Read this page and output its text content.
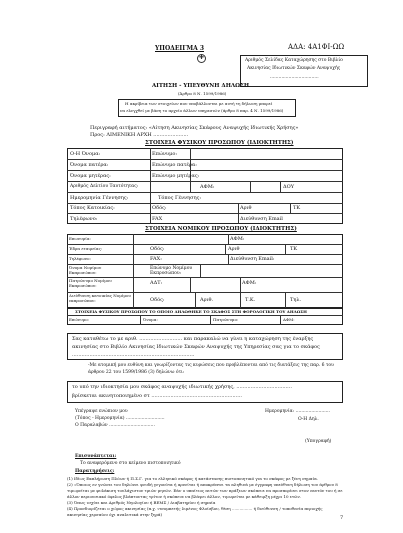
ΥΠΟΔΕΙΓΜΑ 3	ΑΔΑ: 4Α1ΦΙ-ΩΩ
Αριθμός Σελίδας Καταχώρησης στο Βιβλίο
Ακινησίας Ιδιωτικών Σκαφών Αναψυχής
..................................
✚
ΑΙΤΗΣΗ - ΥΠΕΥΘΥΝΗ ΔΗΛΩΣΗ
(Άρθρο 8 Ν. 1599/1986)
Η ακρίβεια των στοιχείων που υποβάλλονται με αυτή τη δήλωση μπορεί
να ελεγχθεί με βάση το αρχείο άλλων υπηρεσιών (άρθρο 8 παρ. 4 Ν. 1599/1986)
Περιγραφή αιτήματος: «Αίτηση Ακινησίας Σκάφους Αναψυχής Ιδιωτικής Χρήσης»
Προς: ΛΙΜΕΝΙΚΗ ΑΡΧΗ ......................
ΣΤΟΙΧΕΙΑ ΦΥΣΙΚΟΥ ΠΡΟΣΩΠΟΥ (ΙΔΙΟΚΤΗΤΗΣ)
Ο-Η Όνομα:	Επώνυμο:
Όνομα πατέρα:	Επώνυμο πατέρα:
Όνομα μητέρας:	Επώνυμο μητέρας:
Αριθμός Δελτίου Ταυτότητας:	ΑΦΜ:	ΔΟΥ
Ημερομηνία Γέννησης:	Τόπος Γέννησης:
Τόπος Κατοικίας:	Οδός:	Αριθ	ΤΚ
Τηλέφωνο:	FAX	Διεύθυνση Email
ΣΤΟΙΧΕΙΑ ΝΟΜΙΚΟΥ ΠΡΟΣΩΠΟΥ (ΙΔΙΟΚΤΗΤΗΣ)
Επωνυμία:	ΑΦΜ:
Έδρα εταιρείας:	Οδός:	Αριθ	ΤΚ
Τηλέφωνο:	FAX:	Διεύθυνση Email:
Όνομα Νομίμου Εκπροσώπου:
Επώνυμο Νομίμου Εκπροσώπου:
Πατρώνυμο Νομίμου Εκπροσώπου:	ΑΔΤ:	ΑΦΜ:
Διεύθυνση κατοικίας Νομίμου εκπροσώπου:	Οδός:	Αριθ.	Τ.Κ.	Τηλ.
ΣΤΟΙΧΕΙΑ ΦΥΣΙΚΟΥ ΠΡΟΣΩΠΟΥ ΤΟ ΟΠΟΙΟ ΔΗΛΩΘΗΚΕ ΤΟ ΣΚΑΦΟΣ ΣΤΗ ΦΟΡΟΛΟΓΙΚΗ ΤΟΥ ΔΗΛΩΣΗ
Επώνυμο:	Όνομα:	Πατρώνυμο:	ΑΦΜ:
Σας καταθέτω το με αριθ. ........................... και παρακαλώ να γίνει η καταχώρηση της έναρξης
ακινησίας στο Βιβλίο Ακινησίας Ιδιωτικών Σκαφών Αναψυχής της Υπηρεσίας σας για το σκάφος
.............................................................................
-Με ατομική μου ευθύνη και γνωρίζοντας τις κυρώσεις που προβλέπονται από τις διατάξεις της παρ. 6 του
άρθρου 22 του 1599/1986 (3) δηλώνω ότι:
το υπό την ιδιοκτησία μου σκάφος αναψυχής ιδιωτικής χρήσης, ...................................
βρίσκεται ακινητοποιημένο στ .........................................................
Υπέγραψε ενώπιον μου
(Τόπος - Ημερομηνία) ...........................
Ο Παραλαβών ................................
Ημερομηνία: ........................
Ο-Η Δηλ.
(Υπογραφή)
Επισυνάπτεται:
Το αναφερόμενο στο κείμενο πιστοποιητικό
Παρατηρήσεις:
(1) Ιδίως Εκπλήρωση Πλόων ή Π.Σ.Γ. για το ελληνικό σκάφος ή κατάστασης πιστοποιητικό για το σκάφος με ξένη σημαία.
(2) «Όποιος εν γνώσει του δηλώνει ψευδή γεγονότα ή αρνείται ή αποκρύπτει τα αληθινά με έγγραφη υπεύθυνη δήλωση του άρθρου 8
τιμωρείται με φυλάκιση τουλάχιστον τριών μηνών. Εάν ο υπαίτιος αυτών των πράξεων σκόπευε να προσπορίσει στον εαυτόν του ή σε
άλλον περιουσιακό όφελος βλάπτοντας τρίτον ή σκόπευε να βλάψει άλλον, τιμωρείται με κάθειρξη μέχρι 10 ετών.
(3) Όπως ισχύει και Αριθμός Νηολογίου ή ΒΕΜΣ / Διαβατηρίου ή σημαία
(4) Προσδιορίζεται ο χώρος ακινησίας (π.χ. ιτσομπετής λιμένος Φλοίσβου, θέση ................ ή διεύθυνση / τοποθεσία περιοχής
ακινησίας χερσαίου όχι αναλυτικά στην ξηρά)
7
